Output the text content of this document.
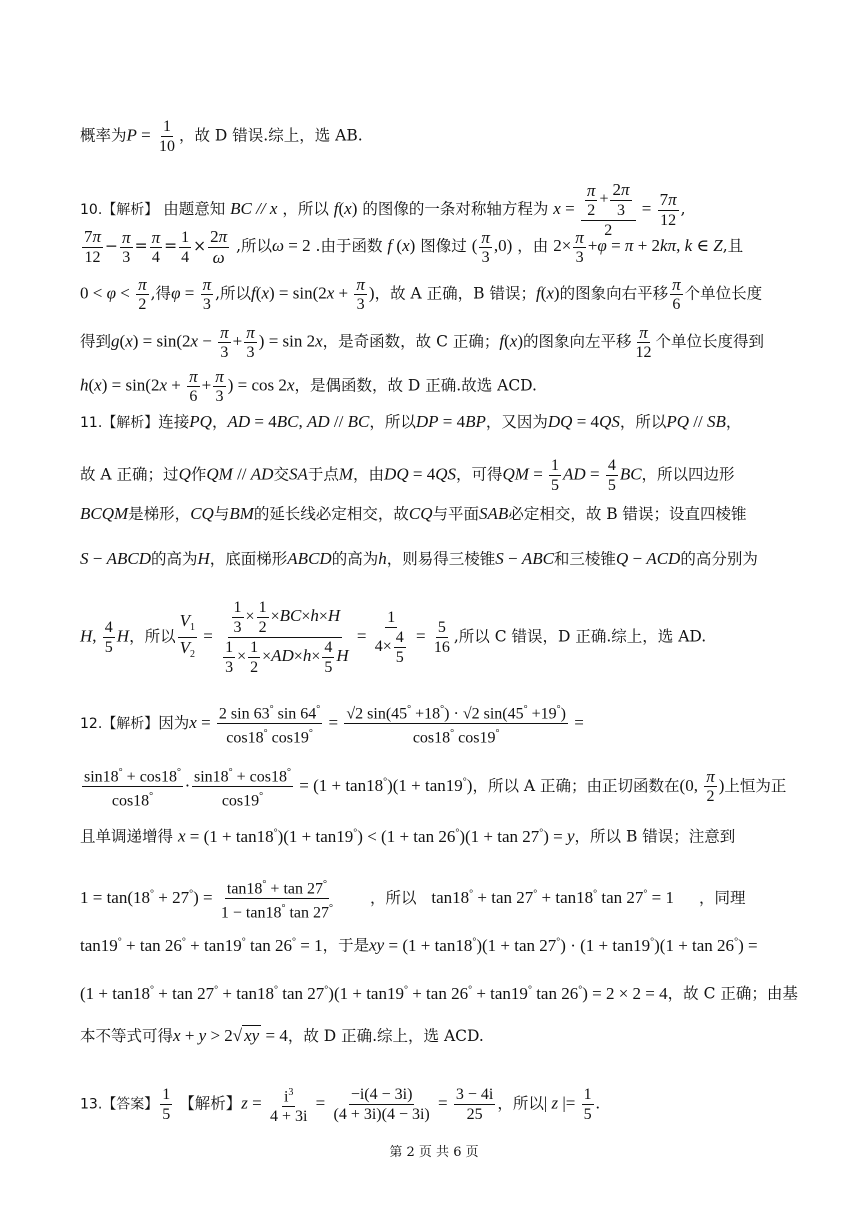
概率为$P = \frac{1}{10}$ ，故 D 错误.综上，选 AB.
10.【解析】 由题意知 BC // x ，所以 f(x) 的图像的一条对称轴方程为 $x = \frac{\frac{\pi}{2} + \frac{2\pi}{3}}{2} = \frac{7\pi}{12}$ ,
$\frac{7\pi}{12} - \frac{\pi}{3} = \frac{\pi}{4} = \frac{1}{4} \times \frac{2\pi}{\omega}$ ,所以ω = 2 .由于函数 f (x) 图像过 ( $\frac{\pi}{3} ,0$) ，由 $2\times \frac{\pi}{3} +\varphi = \pi + 2k\pi$, k ∈ Z,且
$0 < \varphi < \frac{\pi}{2}$ ,得$\varphi = \frac{\pi}{3}$ ,所以$f(x) = \sin(2x + \frac{\pi}{3}$ )，故 A 正确，B 错误；f(x)的图象向右平移 $\frac{\pi}{6}$ 个单位长度
得到$g(x) = \sin(2x - \frac{\pi}{3} + \frac{\pi}{3}$ ) = sin 2x，是奇函数，故 C 正确；f(x)的图象向左平移 $\frac{\pi}{12}$ 个单位长度得到
$h(x) = \sin(2x + \frac{\pi}{6} + \frac{\pi}{3}$ ) = cos 2x，是偶函数，故 D 正确.故选 ACD.
11.【解析】连接PQ，AD = 4BC, AD // BC，所以DP = 4BP，又因为DQ = 4QS，所以PQ // SB，
故 A 正确；过Q作QM // AD交SA于点M，由DQ = 4QS，可得QM = $\frac{1}{5}$ AD = $\frac{4}{5}$ BC，所以四边形
BCQM是梯形，CQ与BM的延长线必定相交，故CQ与平面SAB必定相交，故 B 错误；设直四棱锥
S − ABCD的高为H，底面梯形ABCD的高为h，则易得三棱锥S − ABC和三棱锥Q − ACD的高分别为
H, $\frac{4}{5}$ H，所以 $\frac{V_1}{V_2} = \frac{\frac{1}{3} \times \frac{1}{2} \times BC\times h\times H}{\frac{1}{3} \times \frac{1}{2} \times AD\times h\times \frac{4}{5} H} = \frac{1}{4\times \frac{4}{5}} = \frac{5}{16}$ ,所以 C 错误，D 正确.综上，选 AD.
12.【解析】因为$x = \frac{2 \sin 63^\circ \sin 64^\circ}{\cos 18^\circ \cos 19^\circ} = \frac{√2 \sin(45^\circ +18^\circ) \cdot √2 \sin(45^\circ +19^\circ)}{\cos 18^\circ \cos 19^\circ}$ =
$\frac{\sin 18^\circ + \cos 18^\circ}{\cos 18^\circ} \cdot \frac{\sin 18^\circ + \cos 18^\circ}{\cos 19^\circ} = (1 + \tan 18^\circ)(1 + \tan 19^\circ)$，所以 A 正确；由正切函数在(0, $\frac{\pi}{2}$ )上恒为正
且单调递增得 x = (1 + tan18°)(1 + tan19°) < (1 + tan 26°)(1 + tan 27°) = y，所以 B 错误；注意到
$1 = \tan(18^\circ + 27^\circ) = \frac{\tan 18^\circ + \tan 27^\circ}{1 - \tan 18^\circ \tan 27^\circ}$ ，所以 tan18° + tan 27° + tan18° tan 27° = 1 ，同理
tan19° + tan 26° + tan19° tan 26° = 1，于是xy = (1 + tan18°)(1 + tan 27°) · (1 + tan19°)(1 + tan 26°) =
(1 + tan18° + tan 27° + tan18° tan 27°)(1 + tan19° + tan 26° + tan19° tan 26°) = 2 × 2 = 4，故 C 正确；由基
本不等式可得x + y > 2√ xy = 4，故 D 正确.综上，选 ACD.
13.【答案】 $\frac{1}{5}$ 【解析】$z = \frac{i^3}{4 + 3i} = \frac{-i(4 - 3i)}{(4 + 3i)(4 - 3i)} = \frac{3 - 4i}{25}$ ，所以| z |= $\frac{1}{5}$ .
第 2 页 共 6 页
